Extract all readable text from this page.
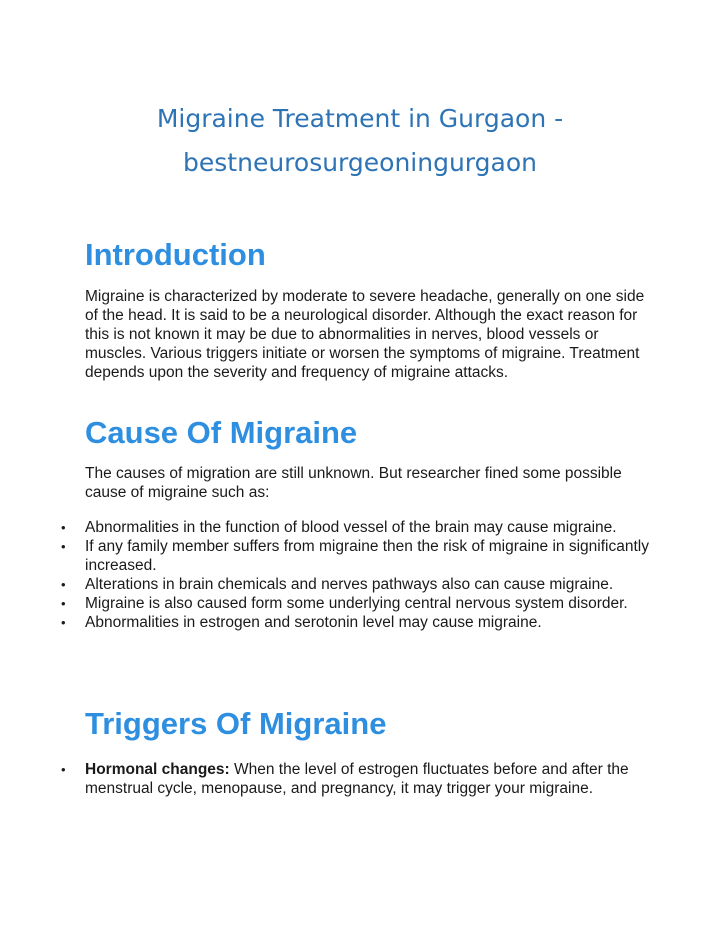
Migraine Treatment in Gurgaon -
bestneurosurgeoningurgaon
Introduction

Migraine is characterized by moderate to severe headache, generally on one side of the head. It is said to be a neurological disorder. Although the exact reason for this is not known it may be due to abnormalities in nerves, blood vessels or muscles. Various triggers initiate or worsen the symptoms of migraine. Treatment depends upon the severity and frequency of migraine attacks.

Cause Of Migraine

The causes of migration are still unknown. But researcher fined some possible cause of migraine such as:

• Abnormalities in the function of blood vessel of the brain may cause migraine.
• If any family member suffers from migraine then the risk of migraine in significantly increased.
• Alterations in brain chemicals and nerves pathways also can cause migraine.
• Migraine is also caused form some underlying central nervous system disorder.
• Abnormalities in estrogen and serotonin level may cause migraine.
Triggers Of Migraine
• Hormonal changes: When the level of estrogen fluctuates before and after the menstrual cycle, menopause, and pregnancy, it may trigger your migraine.
